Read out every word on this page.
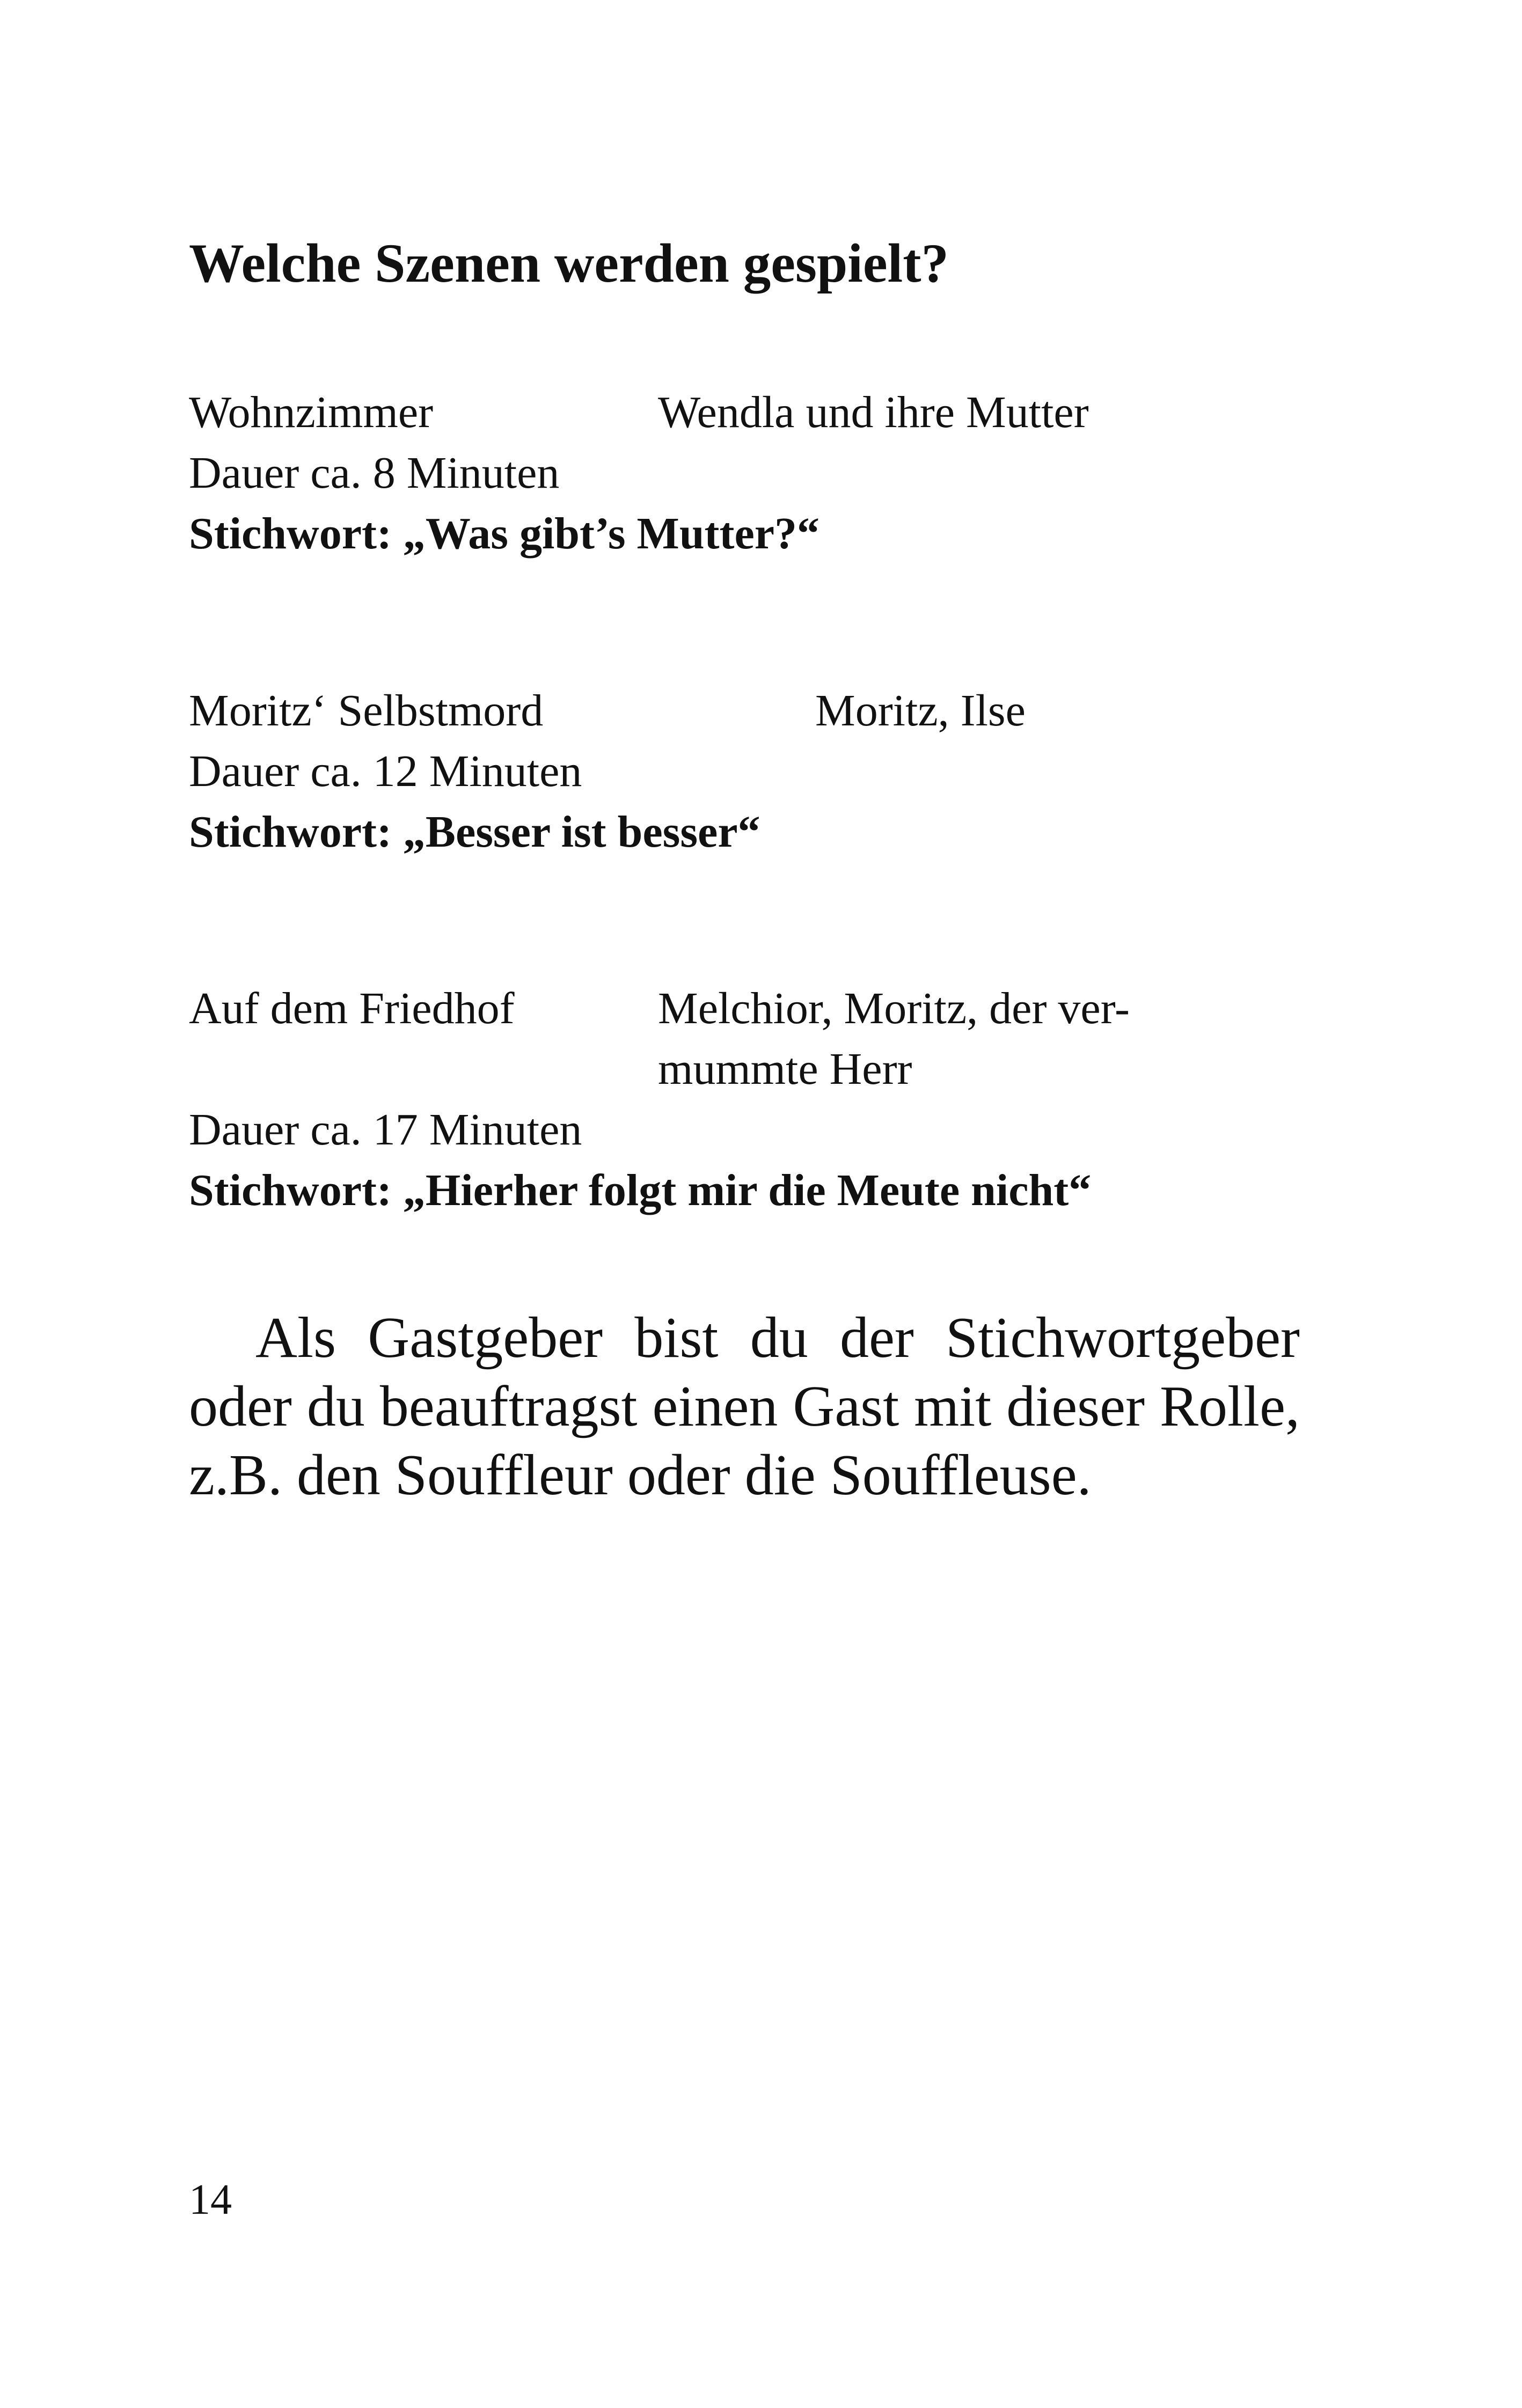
Welche Szenen werden gespielt?
Wohnzimmer	Wendla und ihre Mutter
Dauer ca. 8 Minuten
Stichwort: „Was gibt’s Mutter?“
Moritz‘ Selbstmord	Moritz, Ilse
Dauer ca. 12 Minuten
Stichwort: „Besser ist besser“
Auf dem Friedhof	Melchior, Moritz, der ver-
mummte Herr
Dauer ca. 17 Minuten
Stichwort: „Hierher folgt mir die Meute nicht“

Als Gastgeber bist du der Stichwortgeber oder du beauftragst einen Gast mit dieser Rolle, z.B. den Souffleur oder die Souffleuse.

14
